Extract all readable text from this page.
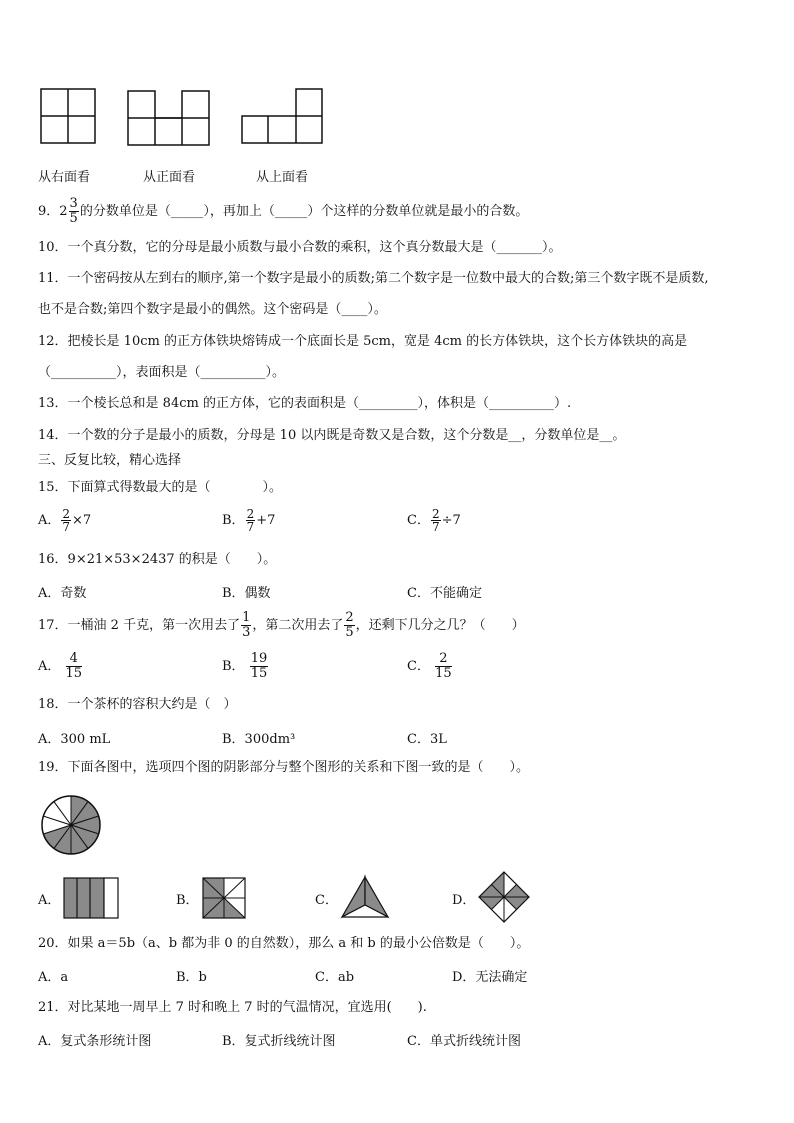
从右面看	从正面看	从上面看
9．$2 \frac{3}{5}$ 的分数单位是（_____），再加上（_____）个这样的分数单位就是最小的合数。
10．一个真分数，它的分母是最小质数与最小合数的乘积，这个真分数最大是（_______）。
11．一个密码按从左到右的顺序,第一个数字是最小的质数;第二个数字是一位数中最大的合数;第三个数字既不是质数,
也不是合数;第四个数字是最小的偶然。这个密码是（____）。
12．把棱长是 10cm 的正方体铁块熔铸成一个底面长是 5cm，宽是 4cm 的长方体铁块，这个长方体铁块的高是
（__________），表面积是（__________）。
13．一个棱长总和是 84cm 的正方体，它的表面积是（_________），体积是（__________）.
14．一个数的分子是最小的质数，分母是 10 以内既是奇数又是合数，这个分数是__，分数单位是__。
三、反复比较，精心选择
15．下面算式得数最大的是（　　　　）。
A． $\frac{2}{7} \times 7$	B． $\frac{2}{7} +7$	C． $\frac{2}{7} \div 7$
16．9×21×53×2437 的积是（　　）。
A．奇数	B．偶数	C．不能确定
17．一桶油 2 千克，第一次用去了 $\frac{1}{3}$ ，第二次用去了 $\frac{2}{5}$ ，还剩下几分之几？（　　）
A． $\frac{4}{15}$	B． $\frac{19}{15}$	C． $\frac{2}{15}$
18．一个茶杯的容积大约是（　）
A．300 mL	B．300dm³	C．3L
19．下面各图中，选项四个图的阴影部分与整个图形的关系和下图一致的是（　　）。
A．	B．	C．	D．
20．如果 a＝5b（a、b 都为非 0 的自然数），那么 a 和 b 的最小公倍数是（　　）。
A．a	B．b	C．ab	D．无法确定
21．对比某地一周早上 7 时和晚上 7 时的气温情况，宜选用(　　).
A．复式条形统计图	B．复式折线统计图	C．单式折线统计图
